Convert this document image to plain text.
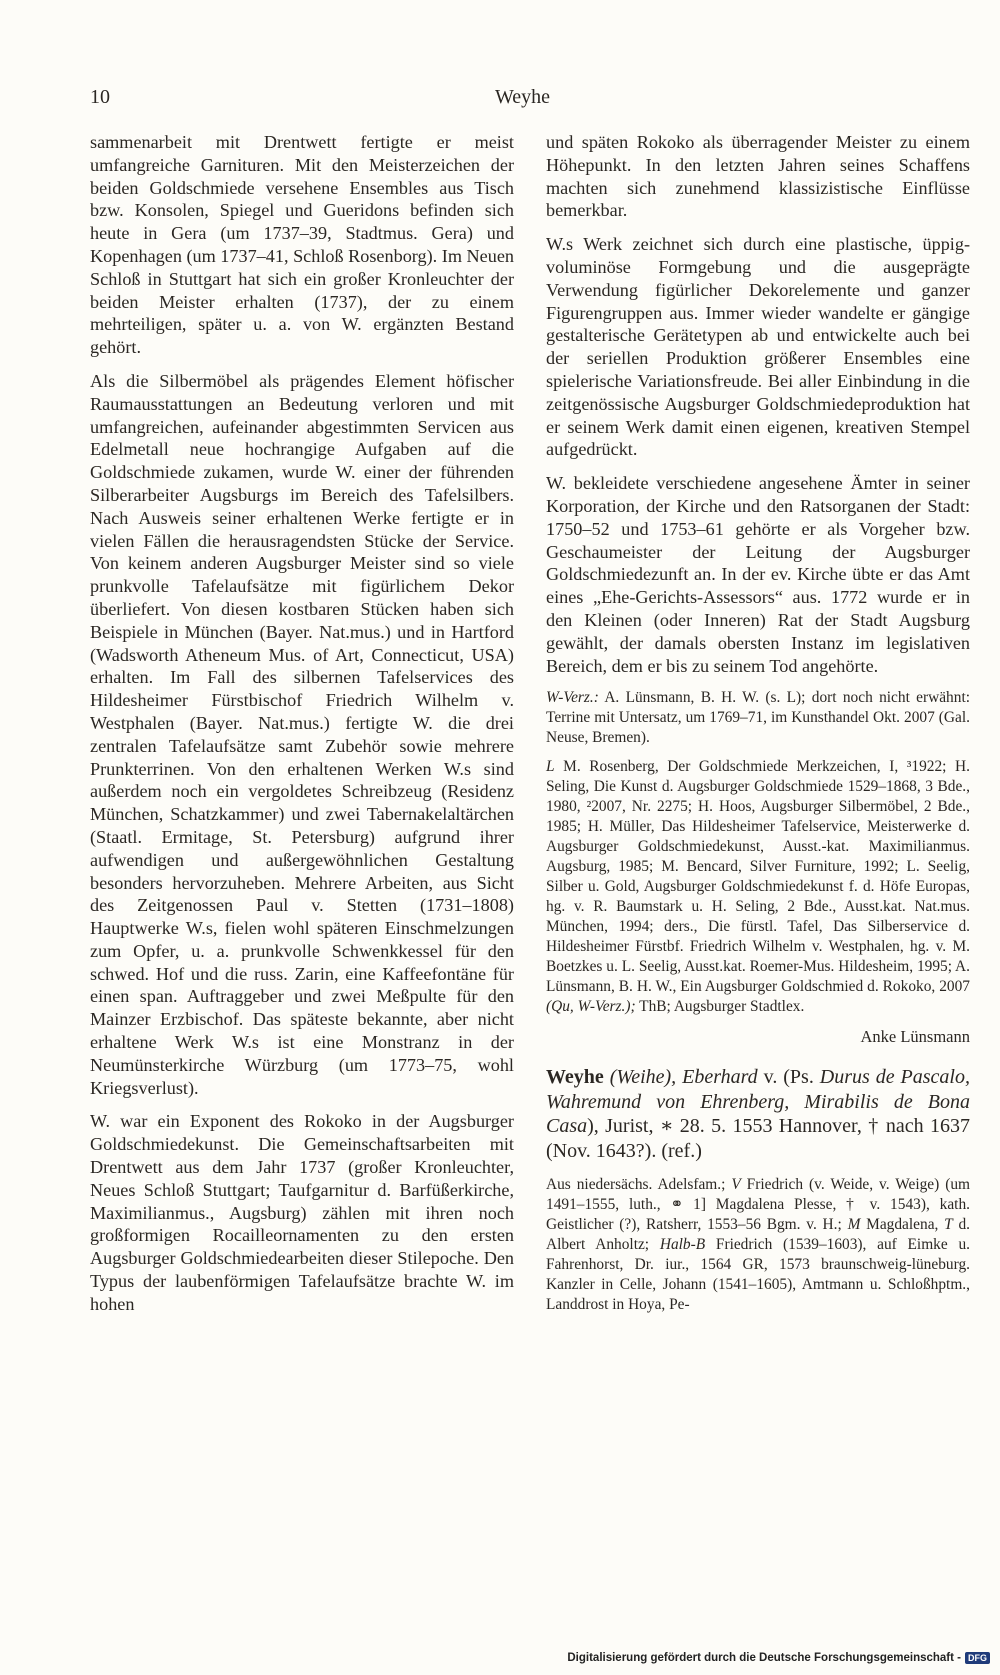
10	Weyhe

sammenarbeit mit Drentwett fertigte er meist umfangreiche Garnituren. Mit den Meisterzeichen der beiden Goldschmiede versehene Ensembles aus Tisch bzw. Konsolen, Spiegel und Gueridons befinden sich heute in Gera (um 1737–39, Stadtmus. Gera) und Kopenhagen (um 1737–41, Schloß Rosenborg). Im Neuen Schloß in Stuttgart hat sich ein großer Kronleuchter der beiden Meister erhalten (1737), der zu einem mehrteiligen, später u. a. von W. ergänzten Bestand gehört.

Als die Silbermöbel als prägendes Element höfischer Raumausstattungen an Bedeutung verloren und mit umfangreichen, aufeinander abgestimmten Servicen aus Edelmetall neue hochrangige Aufgaben auf die Goldschmiede zukamen, wurde W. einer der führenden Silberarbeiter Augsburgs im Bereich des Tafelsilbers. Nach Ausweis seiner erhaltenen Werke fertigte er in vielen Fällen die herausragendsten Stücke der Service. Von keinem anderen Augsburger Meister sind so viele prunkvolle Tafelaufsätze mit figürlichem Dekor überliefert. Von diesen kostbaren Stücken haben sich Beispiele in München (Bayer. Nat.mus.) und in Hartford (Wadsworth Atheneum Mus. of Art, Connecticut, USA) erhalten. Im Fall des silbernen Tafelservices des Hildesheimer Fürstbischof Friedrich Wilhelm v. Westphalen (Bayer. Nat.mus.) fertigte W. die drei zentralen Tafelaufsätze samt Zubehör sowie mehrere Prunkterrinen. Von den erhaltenen Werken W.s sind außerdem noch ein vergoldetes Schreibzeug (Residenz München, Schatzkammer) und zwei Tabernakelaltärchen (Staatl. Ermitage, St. Petersburg) aufgrund ihrer aufwendigen und außergewöhnlichen Gestaltung besonders hervorzuheben. Mehrere Arbeiten, aus Sicht des Zeitgenossen Paul v. Stetten (1731–1808) Hauptwerke W.s, fielen wohl späteren Einschmelzungen zum Opfer, u. a. prunkvolle Schwenkkessel für den schwed. Hof und die russ. Zarin, eine Kaffeefontäne für einen span. Auftraggeber und zwei Meßpulte für den Mainzer Erzbischof. Das späteste bekannte, aber nicht erhaltene Werk W.s ist eine Monstranz in der Neumünsterkirche Würzburg (um 1773–75, wohl Kriegsverlust).

W. war ein Exponent des Rokoko in der Augsburger Goldschmiedekunst. Die Gemeinschaftsarbeiten mit Drentwett aus dem Jahr 1737 (großer Kronleuchter, Neues Schloß Stuttgart; Taufgarnitur d. Barfüßerkirche, Maximilianmus., Augsburg) zählen mit ihren noch großformigen Rocailleornamenten zu den ersten Augsburger Goldschmiedearbeiten dieser Stilepoche. Den Typus der laubenförmigen Tafelaufsätze brachte W. im hohen

und späten Rokoko als überragender Meister zu einem Höhepunkt. In den letzten Jahren seines Schaffens machten sich zunehmend klassizistische Einflüsse bemerkbar.

W.s Werk zeichnet sich durch eine plastische, üppig-voluminöse Formgebung und die ausgeprägte Verwendung figürlicher Dekorelemente und ganzer Figurengruppen aus. Immer wieder wandelte er gängige gestalterische Gerätetypen ab und entwickelte auch bei der seriellen Produktion größerer Ensembles eine spielerische Variationsfreude. Bei aller Einbindung in die zeitgenössische Augsburger Goldschmiedeproduktion hat er seinem Werk damit einen eigenen, kreativen Stempel aufgedrückt.

W. bekleidete verschiedene angesehene Ämter in seiner Korporation, der Kirche und den Ratsorganen der Stadt: 1750–52 und 1753–61 gehörte er als Vorgeher bzw. Geschaumeister der Leitung der Augsburger Goldschmiedezunft an. In der ev. Kirche übte er das Amt eines „Ehe-Gerichts-Assessors“ aus. 1772 wurde er in den Kleinen (oder Inneren) Rat der Stadt Augsburg gewählt, der damals obersten Instanz im legislativen Bereich, dem er bis zu seinem Tod angehörte.

W-Verz.: A. Lünsmann, B. H. W. (s. L); dort noch nicht erwähnt: Terrine mit Untersatz, um 1769–71, im Kunsthandel Okt. 2007 (Gal. Neuse, Bremen).

L M. Rosenberg, Der Goldschmiede Merkzeichen, I, ³1922; H. Seling, Die Kunst d. Augsburger Goldschmiede 1529–1868, 3 Bde., 1980, ²2007, Nr. 2275; H. Hoos, Augsburger Silbermöbel, 2 Bde., 1985; H. Müller, Das Hildesheimer Tafelservice, Meisterwerke d. Augsburger Goldschmiedekunst, Ausst.-kat. Maximilianmus. Augsburg, 1985; M. Bencard, Silver Furniture, 1992; L. Seelig, Silber u. Gold, Augsburger Goldschmiedekunst f. d. Höfe Europas, hg. v. R. Baumstark u. H. Seling, 2 Bde., Ausst.kat. Nat.mus. München, 1994; ders., Die fürstl. Tafel, Das Silberservice d. Hildesheimer Fürstbf. Friedrich Wilhelm v. Westphalen, hg. v. M. Boetzkes u. L. Seelig, Ausst.kat. Roemer-Mus. Hildesheim, 1995; A. Lünsmann, B. H. W., Ein Augsburger Goldschmied d. Rokoko, 2007 (Qu, W-Verz.); ThB; Augsburger Stadtlex.

Anke Lünsmann

Weyhe (Weihe), Eberhard v. (Ps. Durus de Pascalo, Wahremund von Ehrenberg, Mirabilis de Bona Casa), Jurist, ∗ 28. 5. 1553 Hannover, † nach 1637 (Nov. 1643?). (ref.)

Aus niedersächs. Adelsfam.; V Friedrich (v. Weide, v. Weige) (um 1491–1555, luth., ⚭ 1] Magdalena Plesse, † v. 1543), kath. Geistlicher (?), Ratsherr, 1553–56 Bgm. v. H.; M Magdalena, T d. Albert Anholtz; Halb-B Friedrich (1539–1603), auf Eimke u. Fahrenhorst, Dr. iur., 1564 GR, 1573 braunschweig-lüneburg. Kanzler in Celle, Johann (1541–1605), Amtmann u. Schloßhptm., Landdrost in Hoya, Pe-

Digitalisierung gefördert durch die Deutsche Forschungsgemeinschaft - DFG
